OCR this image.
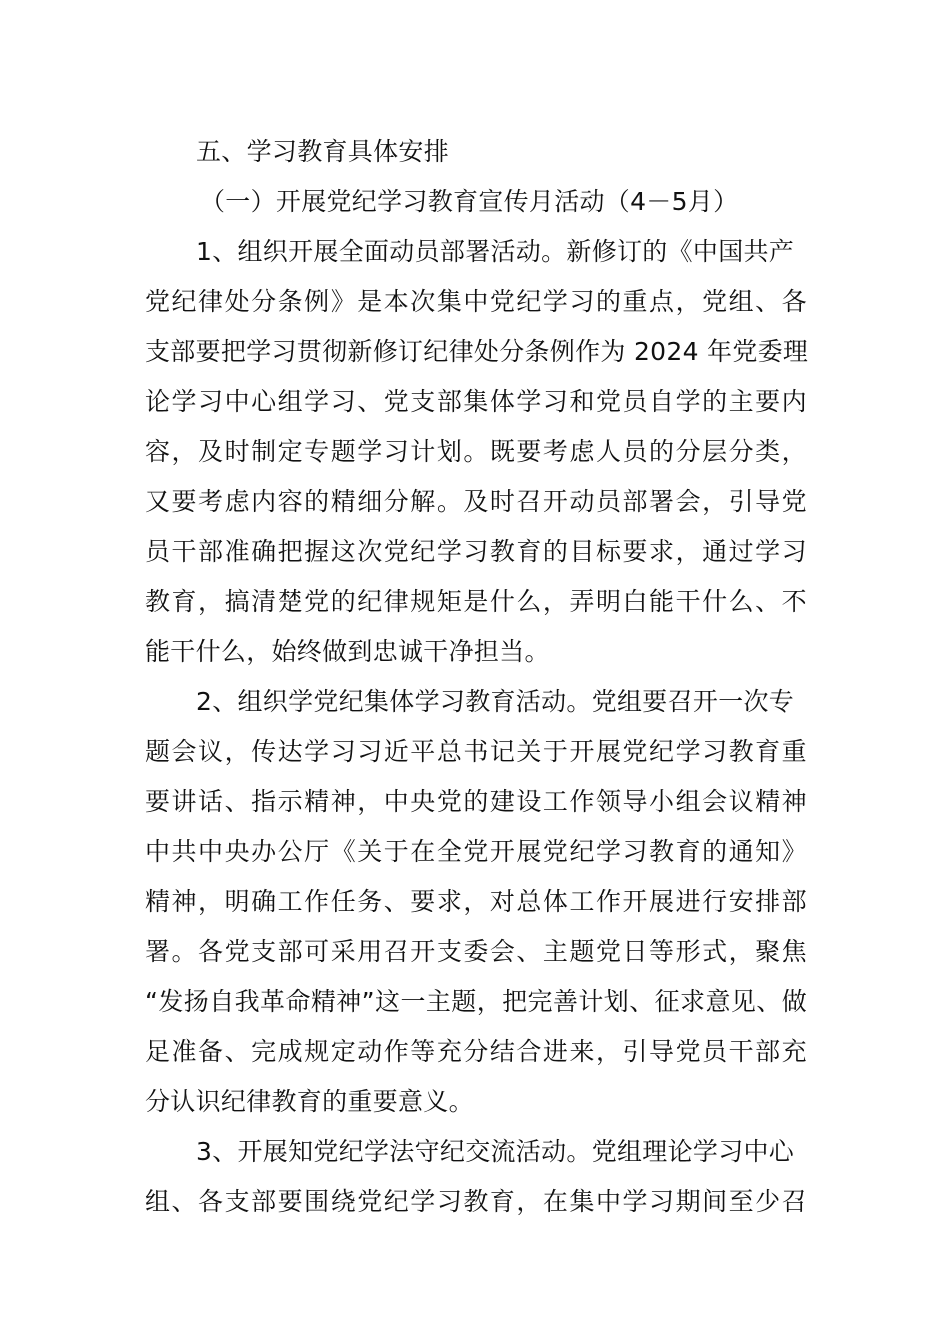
五、学习教育具体安排
（一）开展党纪学习教育宣传月活动（4－5月）
1、组织开展全面动员部署活动。新修订的《中国共产
党纪律处分条例》是本次集中党纪学习的重点，党组、各
支部要把学习贯彻新修订纪律处分条例作为 2024 年党委理
论学习中心组学习、党支部集体学习和党员自学的主要内
容，及时制定专题学习计划。既要考虑人员的分层分类，
又要考虑内容的精细分解。及时召开动员部署会，引导党
员干部准确把握这次党纪学习教育的目标要求，通过学习
教育，搞清楚党的纪律规矩是什么，弄明白能干什么、不
能干什么，始终做到忠诚干净担当。
2、组织学党纪集体学习教育活动。党组要召开一次专
题会议，传达学习习近平总书记关于开展党纪学习教育重
要讲话、指示精神，中央党的建设工作领导小组会议精神
中共中央办公厅《关于在全党开展党纪学习教育的通知》
精神，明确工作任务、要求，对总体工作开展进行安排部
署。各党支部可采用召开支委会、主题党日等形式，聚焦
“发扬自我革命精神”这一主题，把完善计划、征求意见、做
足准备、完成规定动作等充分结合进来，引导党员干部充
分认识纪律教育的重要意义。
3、开展知党纪学法守纪交流活动。党组理论学习中心
组、各支部要围绕党纪学习教育，在集中学习期间至少召
